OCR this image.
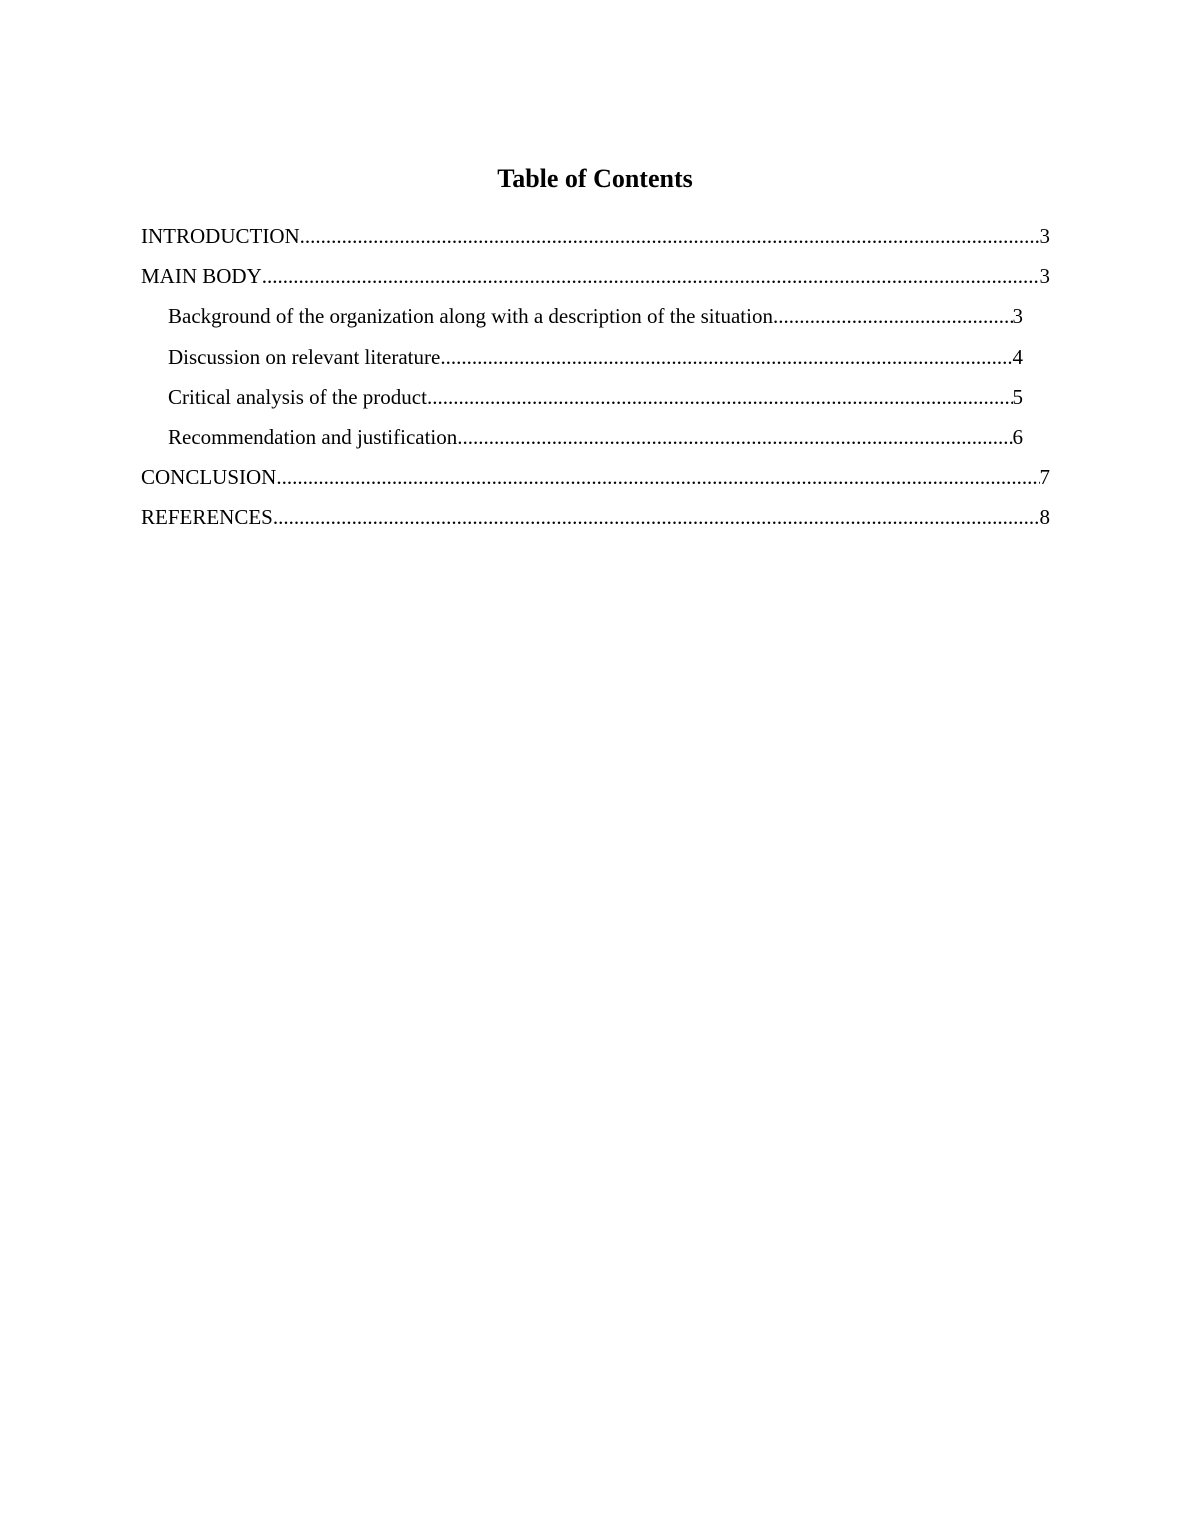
Table of Contents
INTRODUCTION .....	3
MAIN BODY .....	3
Background of the organization along with a description of the situation .....	3
Discussion on relevant literature .....	4
Critical analysis of the product .....	5
Recommendation and justification .....	6
CONCLUSION .....	7
REFERENCES .....	8
